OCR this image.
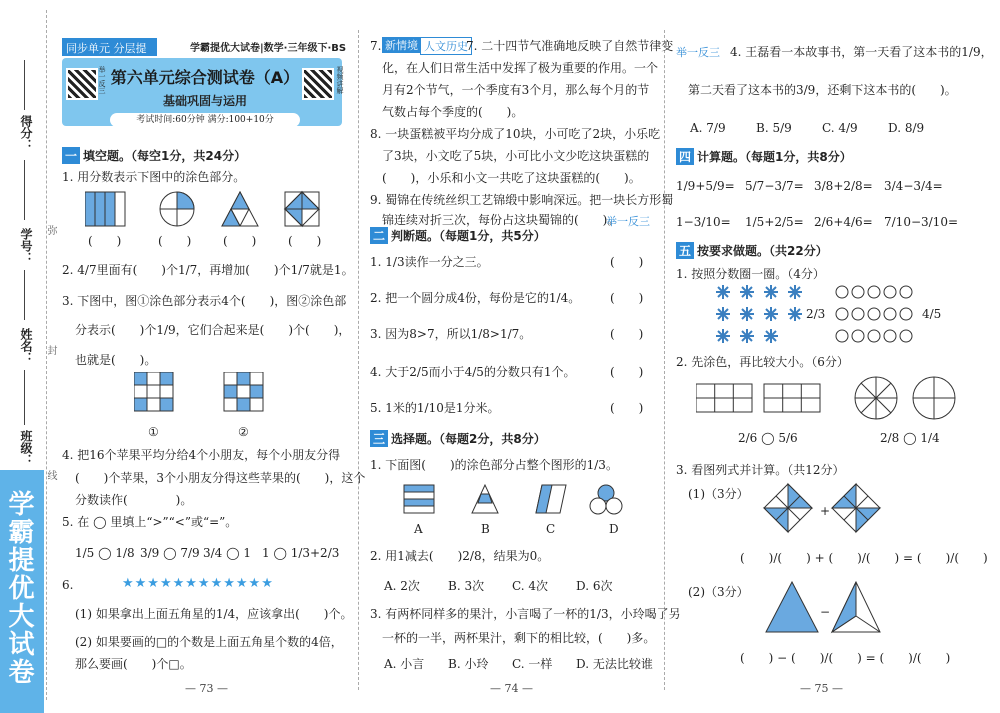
学霸提优大试卷
得分：
学号：
姓名：
班级：
弥
封
线
同步单元 分层提	学霸提优大试卷|数学·三年级下·BS
举一反三	视频讲解
第六单元综合测试卷（A）
基础巩固与运用
考试时间:60分钟 满分:100+10分
一 填空题。（每空1分，共24分）
1. 用分数表示下图中的涂色部分。
(　　)	(　　)	(　　)	(　　)
2. 4/7里面有(　　)个1/7，再增加(　　)个1/7就是1。
3. 下图中，图①涂色部分表示4个(　　)，图②涂色部
分表示(　　)个1/9，它们合起来是(　　)个(　　)，
也就是(　　)。
①	②
4. 把16个苹果平均分给4个小朋友，每个小朋友分得
(　　)个苹果，3个小朋友分得这些苹果的(　　)，这个
分数读作(　　　　)。
5. 在 ◯ 里填上“>”“<”或“=”。
1/5 ◯ 1/8 3/9 ◯ 7/9 3/4 ◯ 1 1 ◯ 1/3+2/3
6.	★★★★★★★★★★★★
(1) 如果拿出上面五角星的1/4，应该拿出(　　)个。
(2) 如果要画的□的个数是上面五角星个数的4倍，
那么要画(　　)个□。
— 73 —
7. 新情境 人文历史
7. 二十四节气准确地反映了自然节律变
化，在人们日常生活中发挥了极为重要的作用。一个
月有2个节气，一个季度有3个月，那么每个月的节
气数占每个季度的(　　)。
8. 一块蛋糕被平均分成了10块，小可吃了2块，小乐吃
了3块，小文吃了5块，小可比小文少吃这块蛋糕的
(　　)，小乐和小文一共吃了这块蛋糕的(　　)。
9. 蜀锦在传统丝织工艺锦缎中影响深远。把一块长方形蜀
锦连续对折三次，每份占这块蜀锦的(　　)。
举一反三
二 判断题。（每题1分，共5分）
1. 1/3读作一分之三。	(　　)
2. 把一个圆分成4份，每份是它的1/4。 (　　)
3. 因为8>7，所以1/8>1/7。	(　　)
4. 大于2/5而小于4/5的分数只有1个。	(　　)
5. 1米的1/10是1分米。	(　　)
三 选择题。（每题2分，共8分）
1. 下面图(　　)的涂色部分占整个图形的1/3。
A	B	C	D
2. 用1减去(　　)2/8，结果为0。
A. 2次 B. 3次 C. 4次 D. 6次
3. 有两杯同样多的果汁，小言喝了一杯的1/3，小玲喝了另
一杯的一半，两杯果汁，剩下的相比较，(　　)多。
A. 小言 B. 小玲 C. 一样 D. 无法比较谁
— 74 —
举一反三 4. 王磊看一本故事书，第一天看了这本书的1/9，
第二天看了这本书的3/9，还剩下这本书的(　　)。
A. 7/9	B. 5/9	C. 4/9	D. 8/9
四 计算题。（每题1分，共8分）
1/9+5/9= 5/7−3/7= 3/8+2/8= 3/4−3/4=
1−3/10= 1/5+2/5= 2/6+4/6= 7/10−3/10=
五 按要求做题。（共22分）
1. 按照分数圈一圈。（4分）
2/3	4/5
2. 先涂色，再比较大小。（6分）
2/6 ◯ 5/6	2/8 ◯ 1/4
3. 看图列式并计算。（共12分）
(1)（3分）
+
(　　)/(　　) + (　　)/(　　) = (　　)/(　　)
(2)（3分）
−
(　　) − (　　)/(　　) = (　　)/(　　)
— 75 —
